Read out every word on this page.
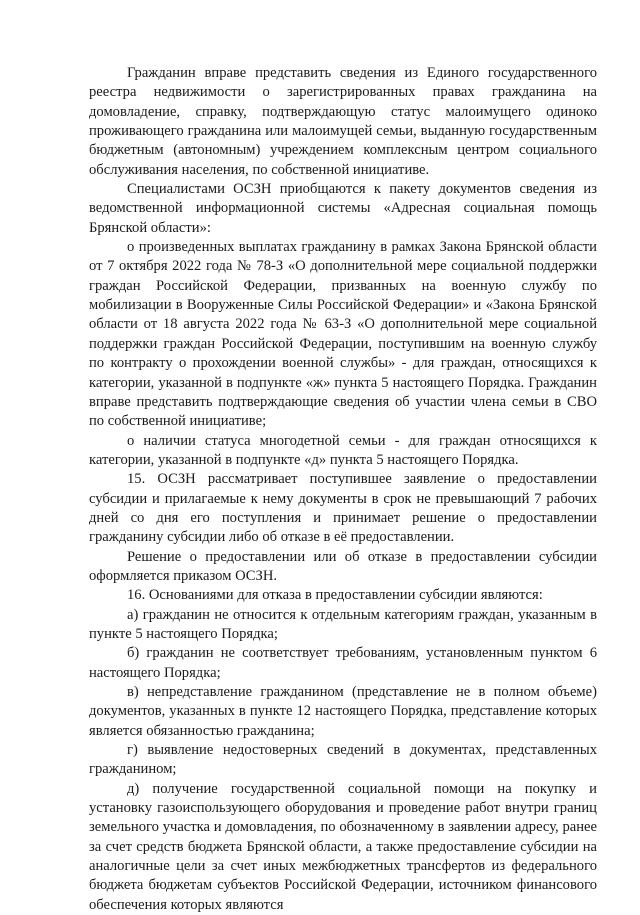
Гражданин вправе представить сведения из Единого государственного реестра недвижимости о зарегистрированных правах гражданина на домовладение, справку, подтверждающую статус малоимущего одиноко проживающего гражданина или малоимущей семьи, выданную государственным бюджетным (автономным) учреждением комплексным центром социального обслуживания населения, по собственной инициативе.

Специалистами ОСЗН приобщаются к пакету документов сведения из ведомственной информационной системы «Адресная социальная помощь Брянской области»:

о произведенных выплатах гражданину в рамках Закона Брянской области от 7 октября 2022 года № 78-З «О дополнительной мере социальной поддержки граждан Российской Федерации, призванных на военную службу по мобилизации в Вооруженные Силы Российской Федерации» и «Закона Брянской области от 18 августа 2022 года № 63-З «О дополнительной мере социальной поддержки граждан Российской Федерации, поступившим на военную службу по контракту о прохождении военной службы» - для граждан, относящихся к категории, указанной в подпункте «ж» пункта 5 настоящего Порядка. Гражданин вправе представить подтверждающие сведения об участии члена семьи в СВО по собственной инициативе;

о наличии статуса многодетной семьи - для граждан относящихся к категории, указанной в подпункте «д» пункта 5 настоящего Порядка.

15. ОСЗН рассматривает поступившее заявление о предоставлении субсидии и прилагаемые к нему документы в срок не превышающий 7 рабочих дней со дня его поступления и принимает решение о предоставлении гражданину субсидии либо об отказе в её предоставлении.

Решение о предоставлении или об отказе в предоставлении субсидии оформляется приказом ОСЗН.

16. Основаниями для отказа в предоставлении субсидии являются:

а) гражданин не относится к отдельным категориям граждан, указанным в пункте 5 настоящего Порядка;

б) гражданин не соответствует требованиям, установленным пунктом 6 настоящего Порядка;

в) непредставление гражданином (представление не в полном объеме) документов, указанных в пункте 12 настоящего Порядка, представление которых является обязанностью гражданина;

г) выявление недостоверных сведений в документах, представленных гражданином;

д) получение государственной социальной помощи на покупку и установку газоиспользующего оборудования и проведение работ внутри границ земельного участка и домовладения, по обозначенному в заявлении адресу, ранее за счет средств бюджета Брянской области, а также предоставление субсидии на аналогичные цели за счет иных межбюджетных трансфертов из федерального бюджета бюджетам субъектов Российской Федерации, источником финансового обеспечения которых являются
